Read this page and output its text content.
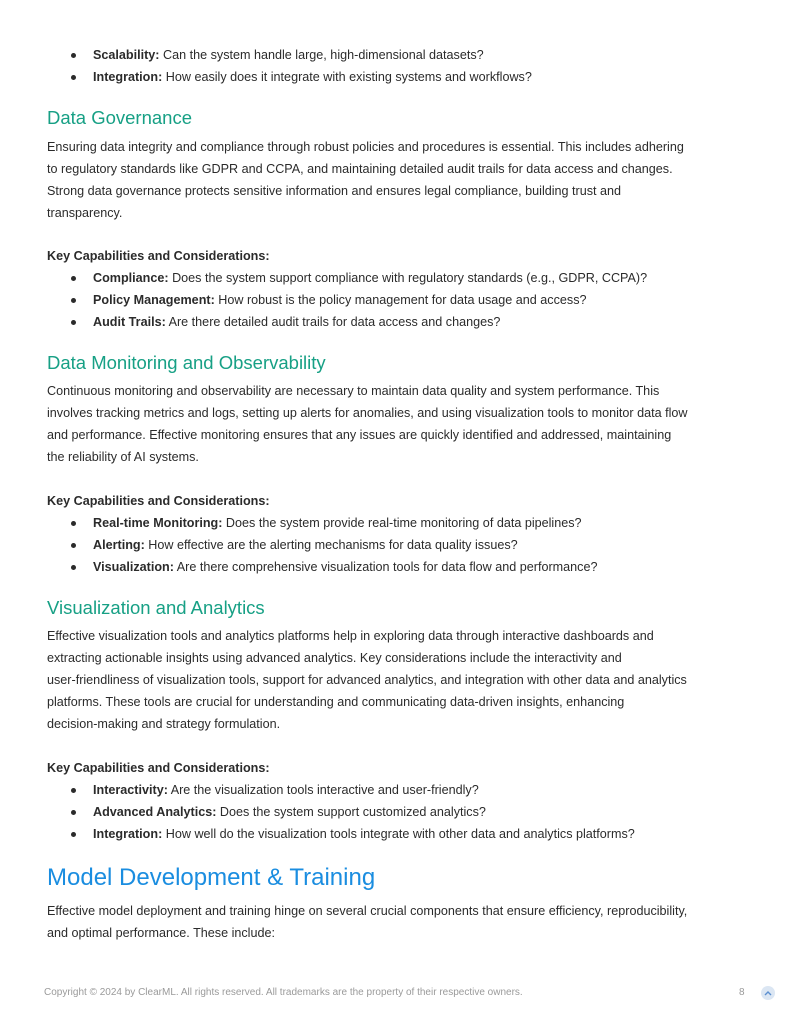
Scalability: Can the system handle large, high-dimensional datasets?
Integration: How easily does it integrate with existing systems and workflows?
Data Governance

Ensuring data integrity and compliance through robust policies and procedures is essential. This includes adhering

to regulatory standards like GDPR and CCPA, and maintaining detailed audit trails for data access and changes.

Strong data governance protects sensitive information and ensures legal compliance, building trust and

transparency.

Key Capabilities and Considerations:
Compliance: Does the system support compliance with regulatory standards (e.g., GDPR, CCPA)?
Policy Management: How robust is the policy management for data usage and access?
Audit Trails: Are there detailed audit trails for data access and changes?
Data Monitoring and Observability

Continuous monitoring and observability are necessary to maintain data quality and system performance. This

involves tracking metrics and logs, setting up alerts for anomalies, and using visualization tools to monitor data flow

and performance. Effective monitoring ensures that any issues are quickly identified and addressed, maintaining

the reliability of AI systems.

Key Capabilities and Considerations:
Real-time Monitoring: Does the system provide real-time monitoring of data pipelines?
Alerting: How effective are the alerting mechanisms for data quality issues?
Visualization: Are there comprehensive visualization tools for data flow and performance?
Visualization and Analytics

Effective visualization tools and analytics platforms help in exploring data through interactive dashboards and

extracting actionable insights using advanced analytics. Key considerations include the interactivity and

user-friendliness of visualization tools, support for advanced analytics, and integration with other data and analytics

platforms. These tools are crucial for understanding and communicating data-driven insights, enhancing

decision-making and strategy formulation.

Key Capabilities and Considerations:
Interactivity: Are the visualization tools interactive and user-friendly?
Advanced Analytics: Does the system support customized analytics?
Integration: How well do the visualization tools integrate with other data and analytics platforms?
Model Development & Training

Effective model deployment and training hinge on several crucial components that ensure efficiency, reproducibility,

and optimal performance. These include:

Copyright © 2024 by ClearML. All rights reserved. All trademarks are the property of their respective owners.	8
